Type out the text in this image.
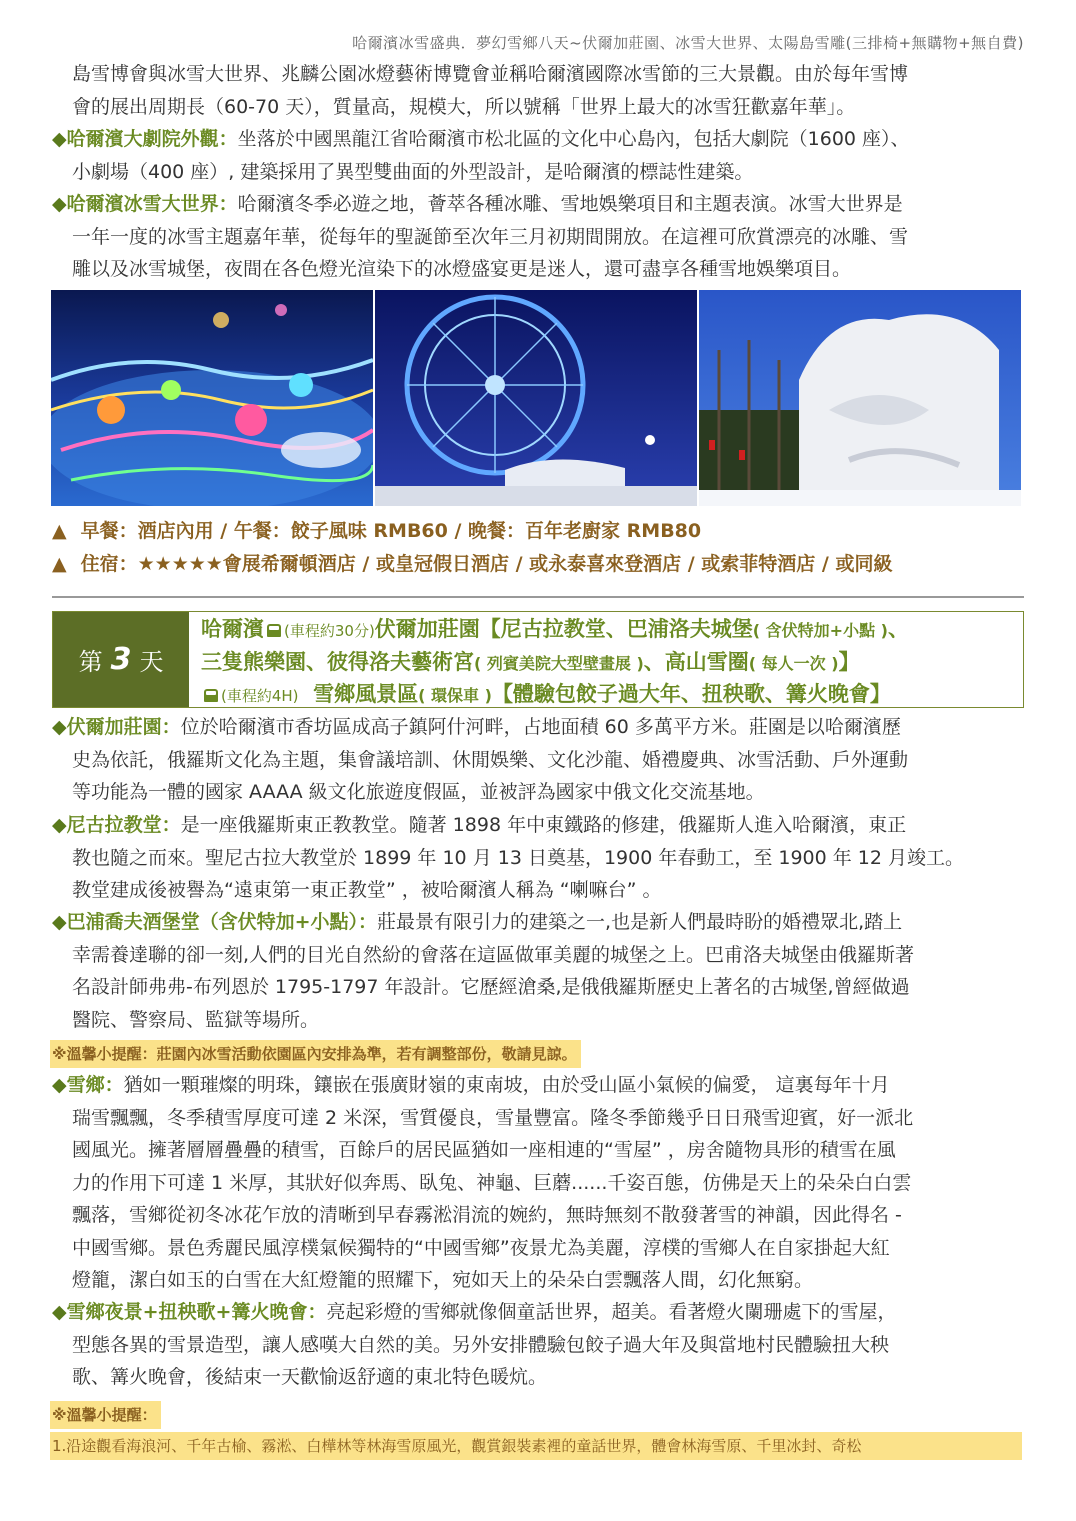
哈爾濱冰雪盛典．夢幻雪鄉八天~伏爾加莊園、冰雪大世界、太陽島雪雕(三排椅+無購物+無自費)
島雪博會與冰雪大世界、兆麟公園冰燈藝術博覽會並稱哈爾濱國際冰雪節的三大景觀。由於每年雪博
會的展出周期長（60-70 天），質量高，規模大，所以號稱「世界上最大的冰雪狂歡嘉年華」。
◆哈爾濱大劇院外觀：坐落於中國黑龍江省哈爾濱市松北區的文化中心島內，包括大劇院（1600 座）、
小劇場（400 座）, 建築採用了異型雙曲面的外型設計，是哈爾濱的標誌性建築。
◆哈爾濱冰雪大世界：哈爾濱冬季必遊之地，薈萃各種冰雕、雪地娛樂項目和主題表演。冰雪大世界是
一年一度的冰雪主題嘉年華，從每年的聖誕節至次年三月初期間開放。在這裡可欣賞漂亮的冰雕、雪
雕以及冰雪城堡，夜間在各色燈光渲染下的冰燈盛宴更是迷人，還可盡享各種雪地娛樂項目。
▲ 早餐：酒店內用 / 午餐：餃子風味 RMB60 / 晚餐：百年老廚家 RMB80
▲ 住宿：★★★★★會展希爾頓酒店 / 或皇冠假日酒店 / 或永泰喜來登酒店 / 或索菲特酒店 / 或同級
第 3 天
哈爾濱 (車程約30分)伏爾加莊園【尼古拉教堂、巴浦洛夫城堡( 含伏特加+小點 )、
三隻熊樂園、彼得洛夫藝術宮( 列賓美院大型壁畫展 )、高山雪圈( 每人一次 )】
(車程約4H) 雪鄉風景區( 環保車 )【體驗包餃子過大年、扭秧歌、篝火晚會】
◆伏爾加莊園：位於哈爾濱市香坊區成高子鎮阿什河畔，占地面積 60 多萬平方米。莊園是以哈爾濱歷
史為依託，俄羅斯文化為主題，集會議培訓、休閒娛樂、文化沙龍、婚禮慶典、冰雪活動、戶外運動
等功能為一體的國家 AAAA 級文化旅遊度假區，並被評為國家中俄文化交流基地。
◆尼古拉教堂：是一座俄羅斯東正教教堂。隨著 1898 年中東鐵路的修建，俄羅斯人進入哈爾濱，東正
教也隨之而來。聖尼古拉大教堂於 1899 年 10 月 13 日奠基，1900 年春動工，至 1900 年 12 月竣工。
教堂建成後被譽為“遠東第一東正教堂” ，被哈爾濱人稱為 “喇嘛台” 。
◆巴浦喬夫酒堡堂（含伏特加+小點）：莊最景有限引力的建築之一,也是新人們最時盼的婚禮眾北,踏上
幸需養達聯的卻一刻,人們的目光自然紛的會落在這區做軍美麗的城堡之上。巴甫洛夫城堡由俄羅斯著
名設計師弗弗-布列恩於 1795-1797 年設計。它歷經滄桑,是俄俄羅斯歷史上著名的古城堡,曾經做過
醫院、警察局、監獄等場所。
※溫馨小提醒：莊園內冰雪活動依園區內安排為準，若有調整部份，敬請見諒。
◆雪鄉：猶如一顆璀燦的明珠，鑲嵌在張廣財嶺的東南坡，由於受山區小氣候的偏愛， 這裏每年十月
瑞雪飄飄，冬季積雪厚度可達 2 米深，雪質優良，雪量豐富。隆冬季節幾乎日日飛雪迎賓，好一派北
國風光。擁著層層疊疊的積雪，百餘戶的居民區猶如一座相連的“雪屋” ，房舍隨物具形的積雪在風
力的作用下可達 1 米厚，其狀好似奔馬、臥兔、神龜、巨蘑......千姿百態，仿佛是天上的朵朵白白雲
飄落，雪鄉從初冬冰花乍放的清晰到早春霧淞涓流的婉約，無時無刻不散發著雪的神韻，因此得名 -
中國雪鄉。景色秀麗民風淳樸氣候獨特的“中國雪鄉”夜景尤為美麗，淳樸的雪鄉人在自家掛起大紅
燈籠，潔白如玉的白雪在大紅燈籠的照耀下，宛如天上的朵朵白雲飄落人間，幻化無窮。
◆雪鄉夜景+扭秧歌+篝火晚會：亮起彩燈的雪鄉就像個童話世界，超美。看著燈火闌珊處下的雪屋，
型態各異的雪景造型，讓人感嘆大自然的美。另外安排體驗包餃子過大年及與當地村民體驗扭大秧
歌、篝火晚會，後結束一天歡愉返舒適的東北特色暖炕。
※溫馨小提醒：
1.沿途觀看海浪河、千年古榆、霧淞、白樺林等林海雪原風光，觀賞銀裝素裡的童話世界，體會林海雪原、千里冰封、奇松
